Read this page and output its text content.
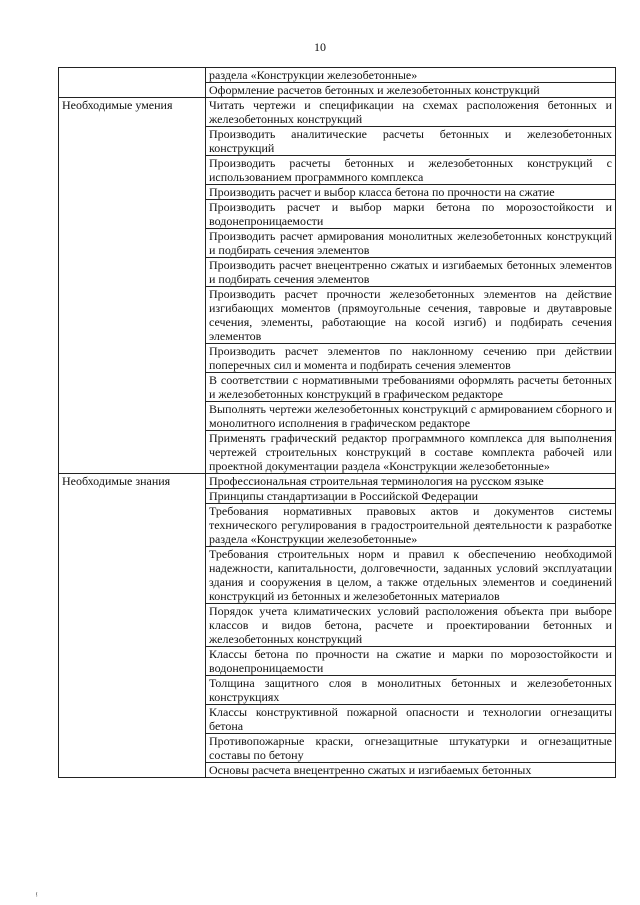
10
	раздела «Конструкции железобетонные»
	Оформление расчетов бетонных и железобетонных конструкций
Необходимые умения	Читать чертежи и спецификации на схемах расположения бетонных и железобетонных конструкций
	Производить аналитические расчеты бетонных и железобетонных конструкций
	Производить расчеты бетонных и железобетонных конструкций с использованием программного комплекса
	Производить расчет и выбор класса бетона по прочности на сжатие
	Производить расчет и выбор марки бетона по морозостойкости и водонепроницаемости
	Производить расчет армирования монолитных железобетонных конструкций и подбирать сечения элементов
	Производить расчет внецентренно сжатых и изгибаемых бетонных элементов и подбирать сечения элементов
	Производить расчет прочности железобетонных элементов на действие изгибающих моментов (прямоугольные сечения, тавровые и двутавровые сечения, элементы, работающие на косой изгиб) и подбирать сечения элементов
	Производить расчет элементов по наклонному сечению при действии поперечных сил и момента и подбирать сечения элементов
	В соответствии с нормативными требованиями оформлять расчеты бетонных и железобетонных конструкций в графическом редакторе
	Выполнять чертежи железобетонных конструкций с армированием сборного и монолитного исполнения в графическом редакторе
	Применять графический редактор программного комплекса для выполнения чертежей строительных конструкций в составе комплекта рабочей или проектной документации раздела «Конструкции железобетонные»
Необходимые знания	Профессиональная строительная терминология на русском языке
	Принципы стандартизации в Российской Федерации
	Требования нормативных правовых актов и документов системы технического регулирования в градостроительной деятельности к разработке раздела «Конструкции железобетонные»
	Требования строительных норм и правил к обеспечению необходимой надежности, капитальности, долговечности, заданных условий эксплуатации здания и сооружения в целом, а также отдельных элементов и соединений конструкций из бетонных и железобетонных материалов
	Порядок учета климатических условий расположения объекта при выборе классов и видов бетона, расчете и проектировании бетонных и железобетонных конструкций
	Классы бетона по прочности на сжатие и марки по морозостойкости и водонепроницаемости
	Толщина защитного слоя в монолитных бетонных и железобетонных конструкциях
	Классы конструктивной пожарной опасности и технологии огнезащиты бетона
	Противопожарные краски, огнезащитные штукатурки и огнезащитные составы по бетону
	Основы расчета внецентренно сжатых и изгибаемых бетонных
ᵎ
